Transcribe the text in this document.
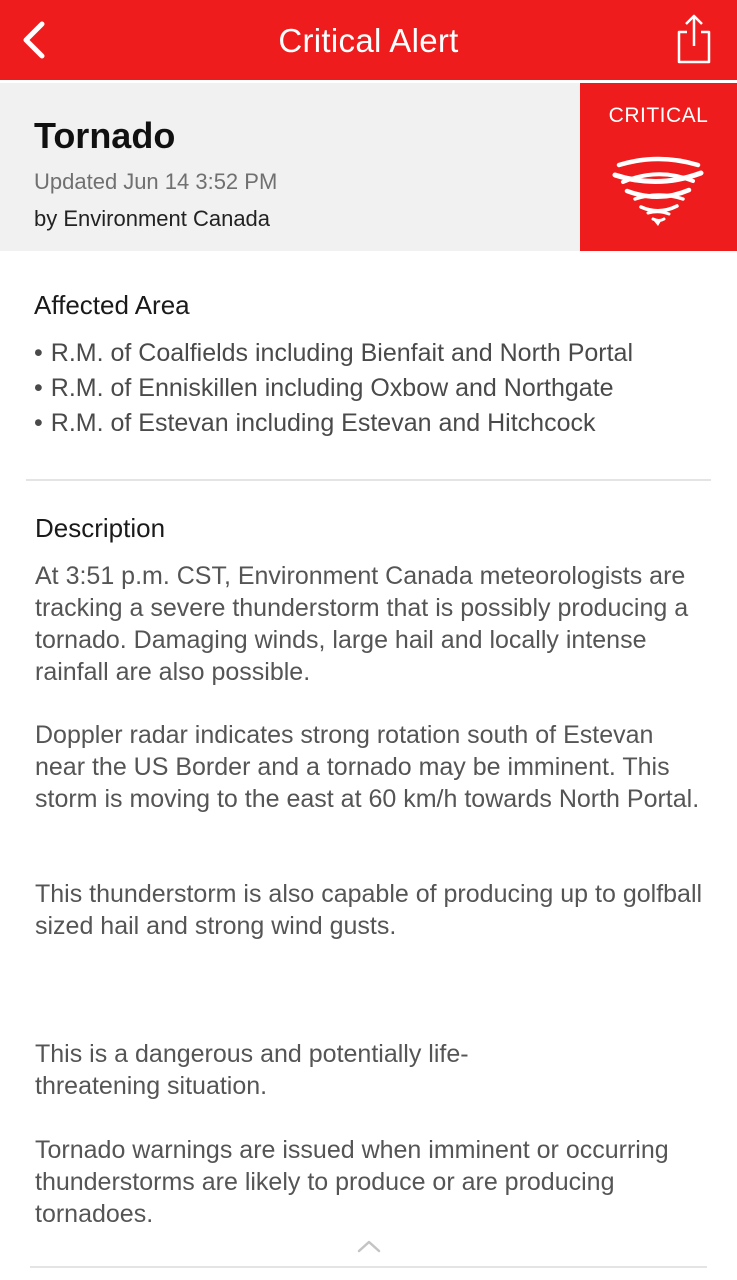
Critical Alert
Tornado
Updated Jun 14 3:52 PM
by Environment Canada
CRITICAL
Affected Area
• R.M. of Coalfields including Bienfait and North Portal
• R.M. of Enniskillen including Oxbow and Northgate
• R.M. of Estevan including Estevan and Hitchcock
Description

At 3:51 p.m. CST, Environment Canada meteorologists are tracking a severe thunderstorm that is possibly producing a tornado. Damaging winds, large hail and locally intense rainfall are also possible.

Doppler radar indicates strong rotation south of Estevan near the US Border and a tornado may be imminent. This storm is moving to the east at 60 km/h towards North Portal.

This thunderstorm is also capable of producing up to golfball sized hail and strong wind gusts.

This is a dangerous and potentially life-threatening situation.

Tornado warnings are issued when imminent or occurring thunderstorms are likely to produce or are producing tornadoes.
